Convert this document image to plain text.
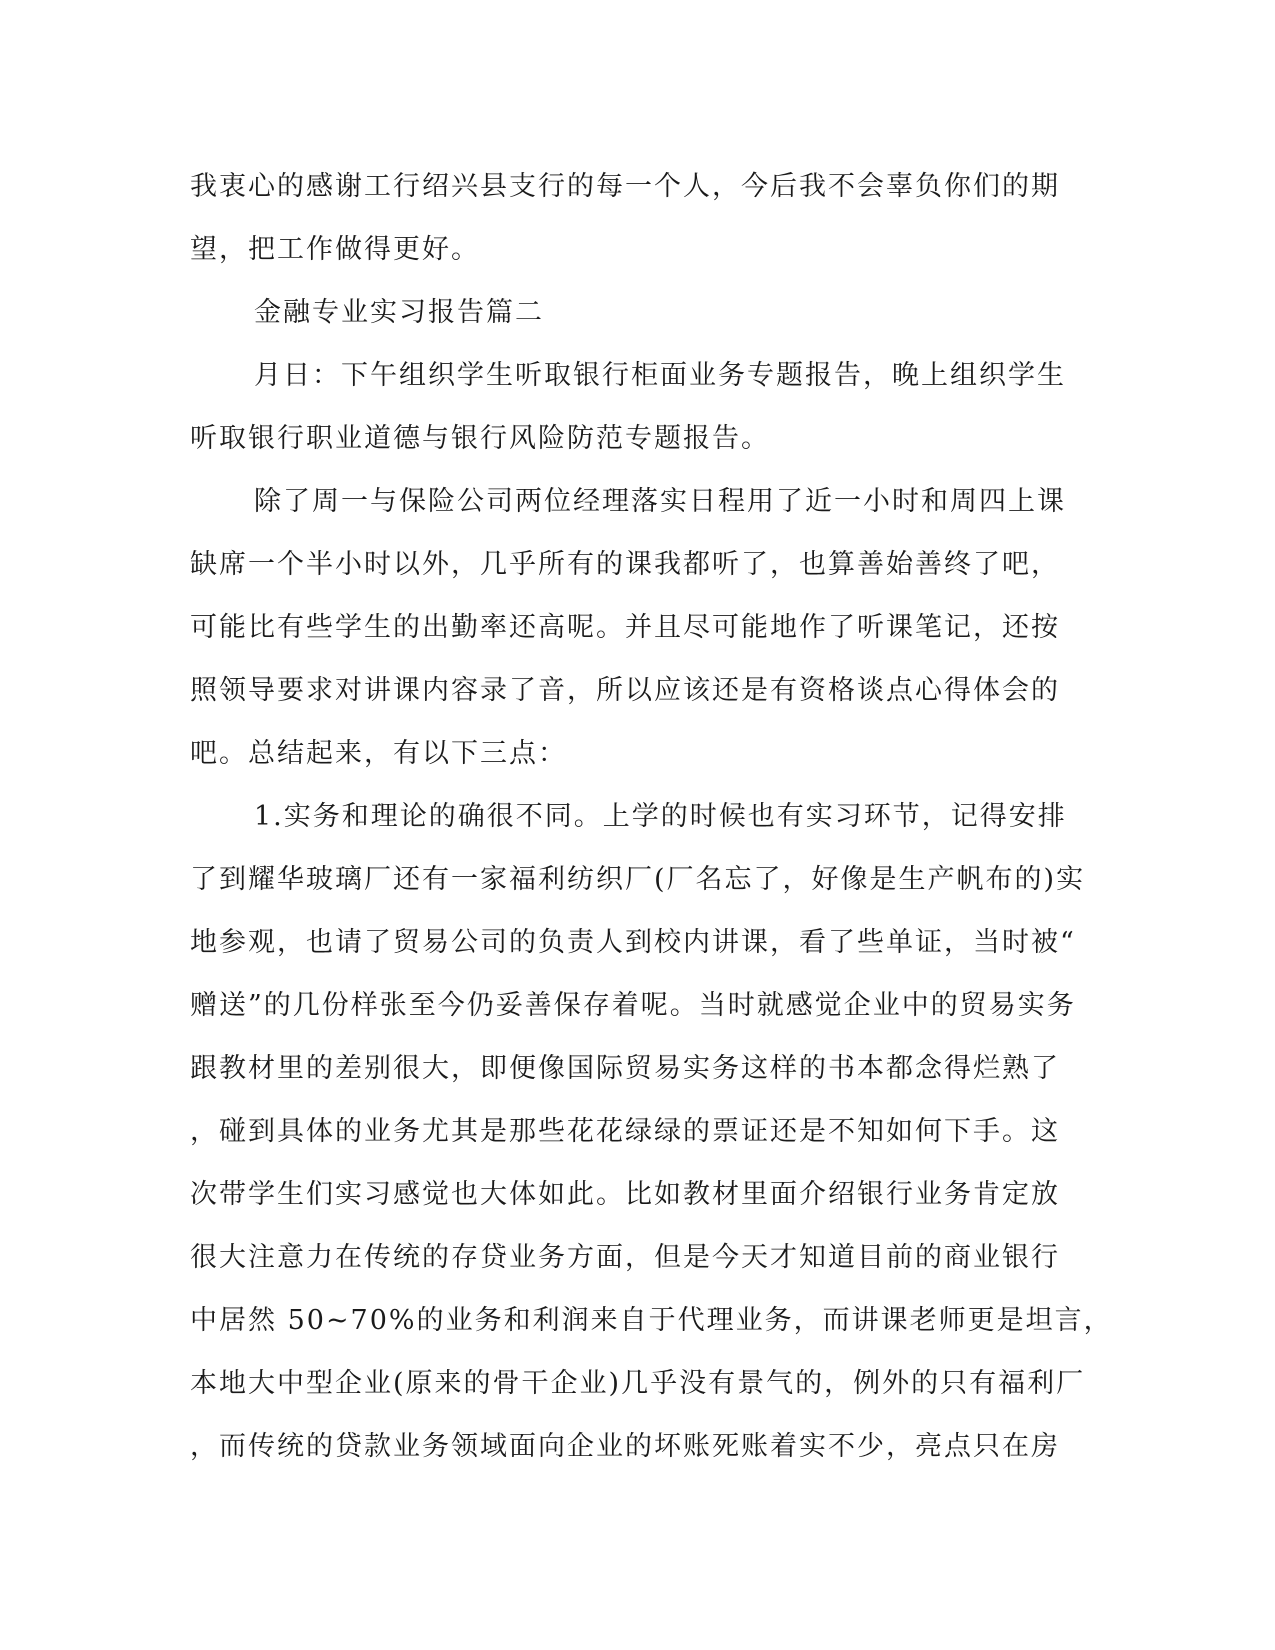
我衷心的感谢工行绍兴县支行的每一个人，今后我不会辜负你们的期
望，把工作做得更好。
金融专业实习报告篇二
月日：下午组织学生听取银行柜面业务专题报告，晚上组织学生
听取银行职业道德与银行风险防范专题报告。
除了周一与保险公司两位经理落实日程用了近一小时和周四上课
缺席一个半小时以外，几乎所有的课我都听了，也算善始善终了吧，
可能比有些学生的出勤率还高呢。并且尽可能地作了听课笔记，还按
照领导要求对讲课内容录了音，所以应该还是有资格谈点心得体会的
吧。总结起来，有以下三点：
1.实务和理论的确很不同。上学的时候也有实习环节，记得安排
了到耀华玻璃厂还有一家福利纺织厂(厂名忘了，好像是生产帆布的)实
地参观，也请了贸易公司的负责人到校内讲课，看了些单证，当时被“
赠送”的几份样张至今仍妥善保存着呢。当时就感觉企业中的贸易实务
跟教材里的差别很大，即便像国际贸易实务这样的书本都念得烂熟了
，碰到具体的业务尤其是那些花花绿绿的票证还是不知如何下手。这
次带学生们实习感觉也大体如此。比如教材里面介绍银行业务肯定放
很大注意力在传统的存贷业务方面，但是今天才知道目前的商业银行
中居然 50~70%的业务和利润来自于代理业务，而讲课老师更是坦言，
本地大中型企业(原来的骨干企业)几乎没有景气的，例外的只有福利厂
，而传统的贷款业务领域面向企业的坏账死账着实不少，亮点只在房
